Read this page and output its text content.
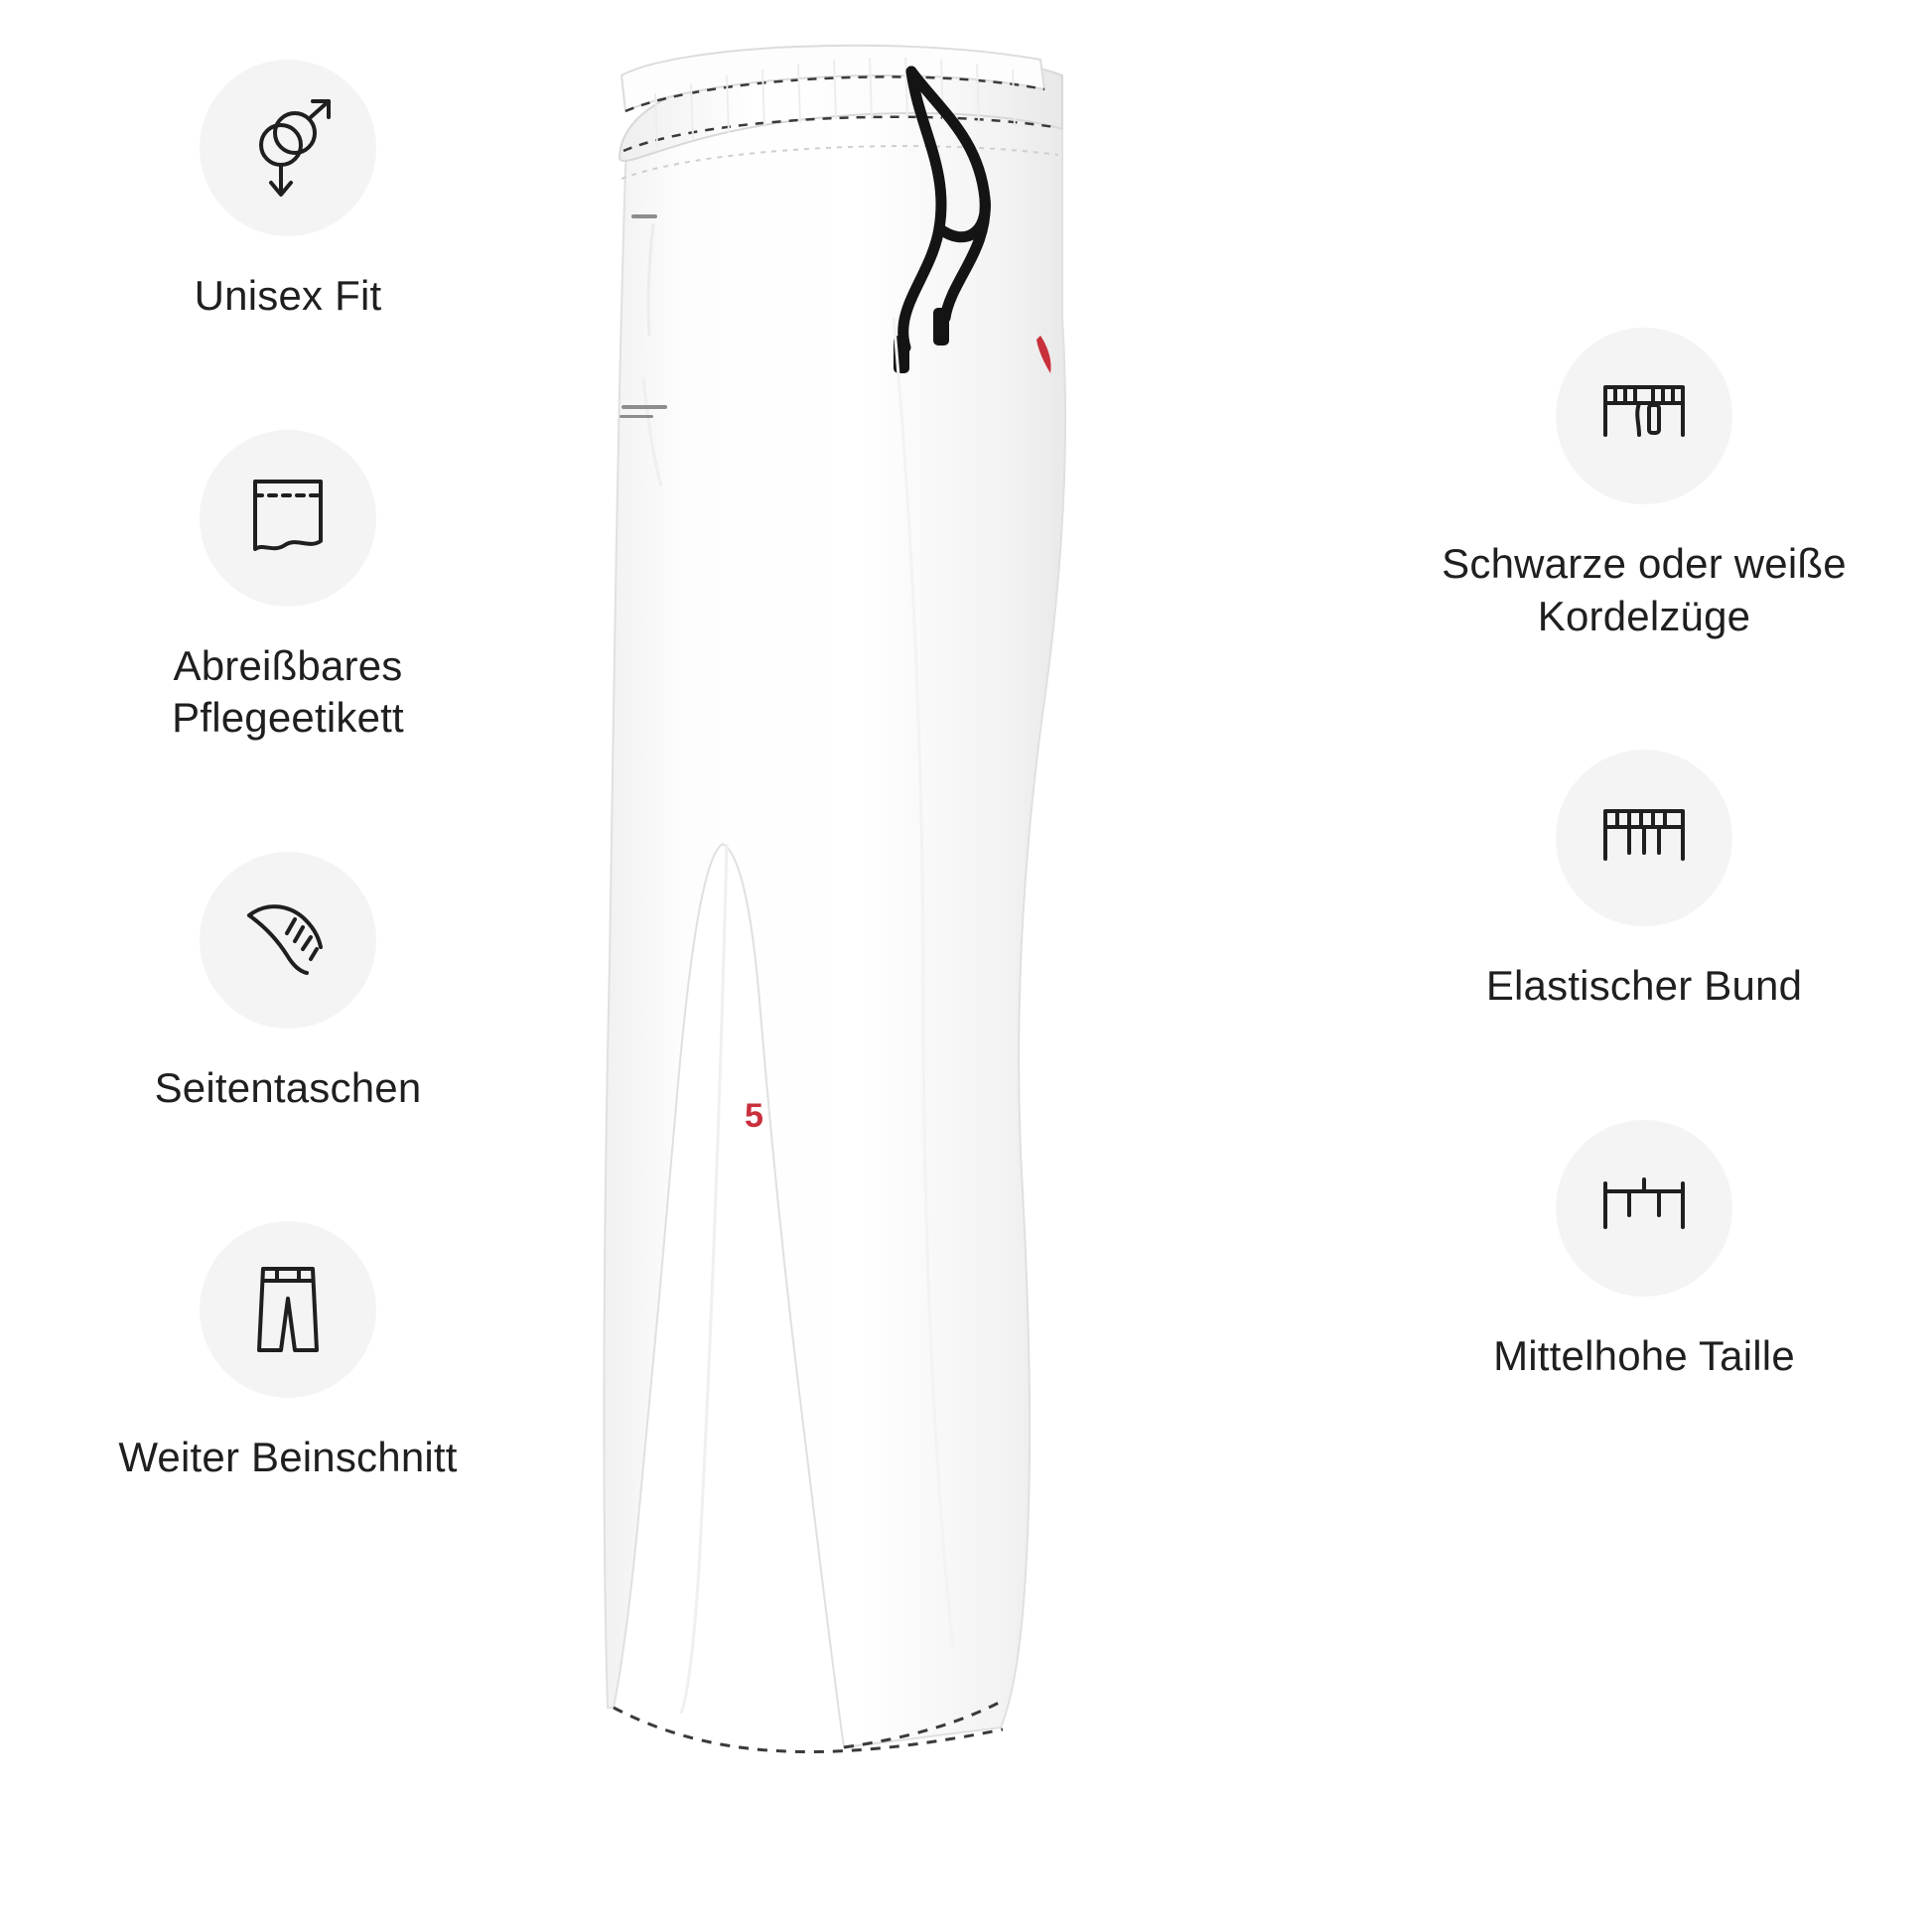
Unisex Fit
Abreißbares Pflegeetikett
Seitentaschen
Weiter Beinschnitt
Schwarze oder weiße Kordelzüge
Elastischer Bund
Mittelhohe Taille
5
